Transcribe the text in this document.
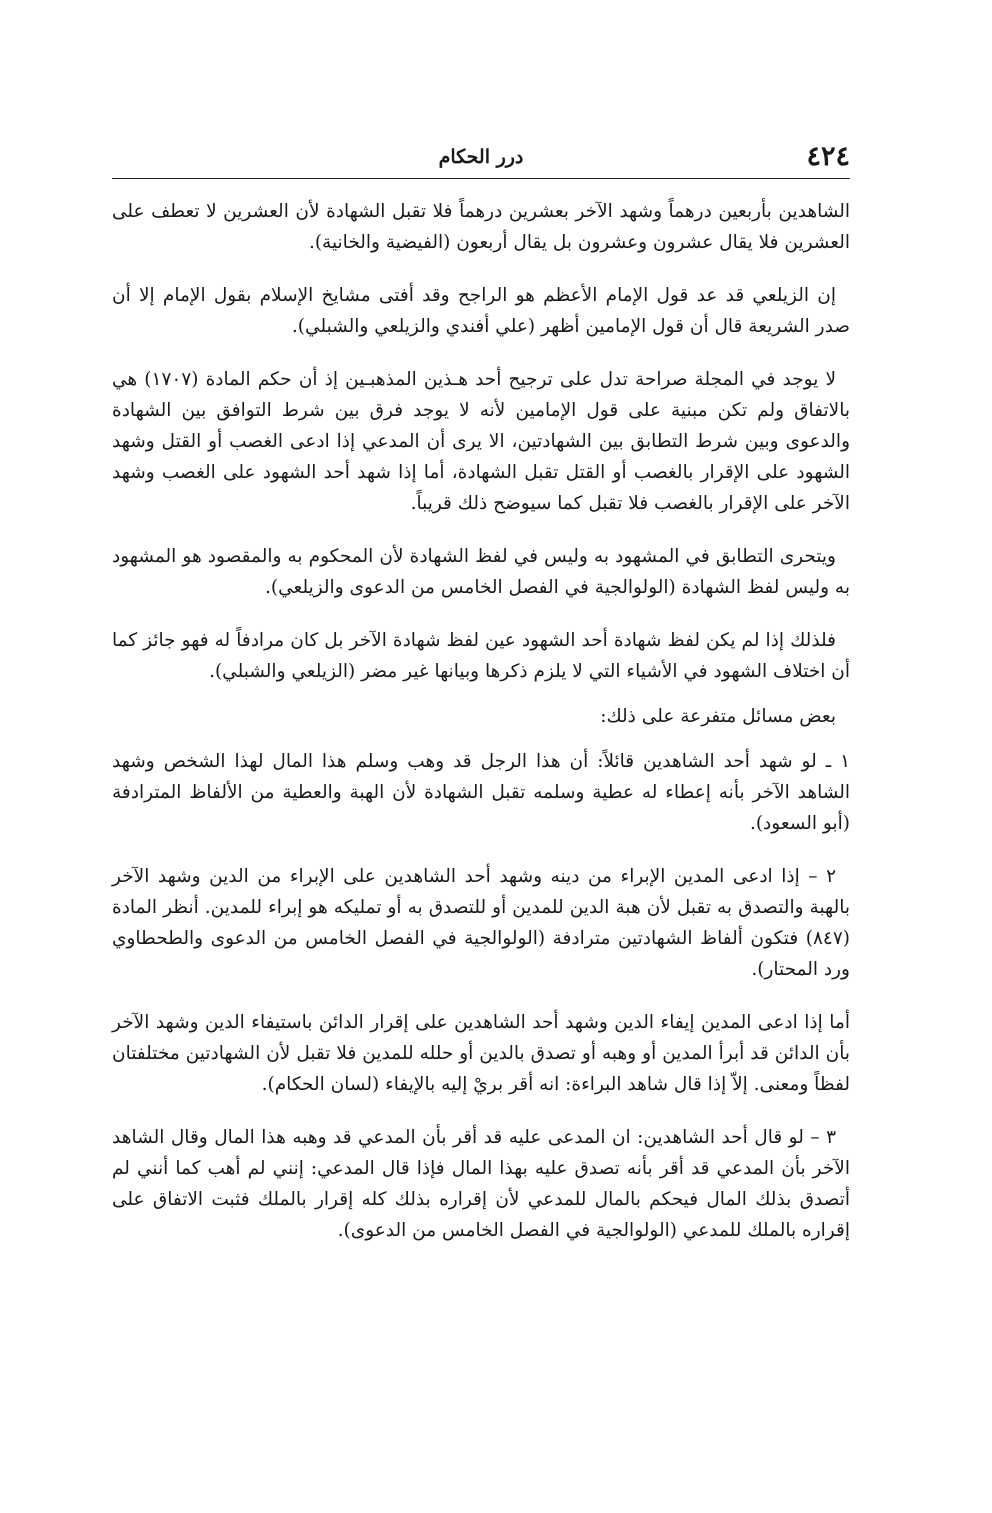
٤٢٤
درر الحكام

الشاهدين بأربعين درهماً وشهد الآخر بعشرين درهماً فلا تقبل الشهادة لأن العشرين لا تعطف على العشرين فلا يقال عشرون وعشرون بل يقال أربعون (الفيضية والخانية).

إن الزيلعي قد عد قول الإمام الأعظم هو الراجح وقد أفتى مشايخ الإسلام بقول الإمام إلا أن صدر الشريعة قال أن قول الإمامين أظهر (علي أفندي والزيلعي والشبلي).

لا يوجد في المجلة صراحة تدل على ترجيح أحد هـذين المذهبـين إذ أن حكم المادة (١٧٠٧) هي بالاتفاق ولم تكن مبنية على قول الإمامين لأنه لا يوجد فرق بين شرط التوافق بين الشهادة والدعوى وبين شرط التطابق بين الشهادتين، الا يرى أن المدعي إذا ادعى الغصب أو القتل وشهد الشهود على الإقرار بالغصب أو القتل تقبل الشهادة، أما إذا شهد أحد الشهود على الغصب وشهد الآخر على الإقرار بالغصب فلا تقبل كما سيوضح ذلك قريباً.

ويتحرى التطابق في المشهود به وليس في لفظ الشهادة لأن المحكوم به والمقصود هو المشهود به وليس لفظ الشهادة (الولوالجية في الفصل الخامس من الدعوى والزيلعي).

فلذلك إذا لم يكن لفظ شهادة أحد الشهود عين لفظ شهادة الآخر بل كان مرادفاً له فهو جائز كما أن اختلاف الشهود في الأشياء التي لا يلزم ذكرها وبيانها غير مضر (الزيلعي والشبلي).

بعض مسائل متفرعة على ذلك:

١ ـ لو شهد أحد الشاهدين قائلاً: أن هذا الرجل قد وهب وسلم هذا المال لهذا الشخص وشهد الشاهد الآخر بأنه إعطاء له عطية وسلمه تقبل الشهادة لأن الهبة والعطية من الألفاظ المترادفة (أبو السعود).

٢ – إذا ادعى المدين الإبراء من دينه وشهد أحد الشاهدين على الإبراء من الدين وشهد الآخر بالهبة والتصدق به تقبل لأن هبة الدين للمدين أو للتصدق به أو تمليكه هو إبراء للمدين. أنظر المادة (٨٤٧) فتكون ألفاظ الشهادتين مترادفة (الولوالجية في الفصل الخامس من الدعوى والطحطاوي ورد المحتار).

أما إذا ادعى المدين إيفاء الدين وشهد أحد الشاهدين على إقرار الدائن باستيفاء الدين وشهد الآخر بأن الدائن قد أبرأ المدين أو وهبه أو تصدق بالدين أو حلله للمدين فلا تقبل لأن الشهادتين مختلفتان لفظاً ومعنى. إلاّ إذا قال شاهد البراءة: انه أقر بريْ إليه بالإيفاء (لسان الحكام).

٣ – لو قال أحد الشاهدين: ان المدعى عليه قد أقر بأن المدعي قد وهبه هذا المال وقال الشاهد الآخر بأن المدعي قد أقر بأنه تصدق عليه بهذا المال فإذا قال المدعي: إنني لم أهب كما أنني لم أتصدق بذلك المال فيحكم بالمال للمدعي لأن إقراره بذلك كله إقرار بالملك فثبت الاتفاق على إقراره بالملك للمدعي (الولوالجية في الفصل الخامس من الدعوى).
